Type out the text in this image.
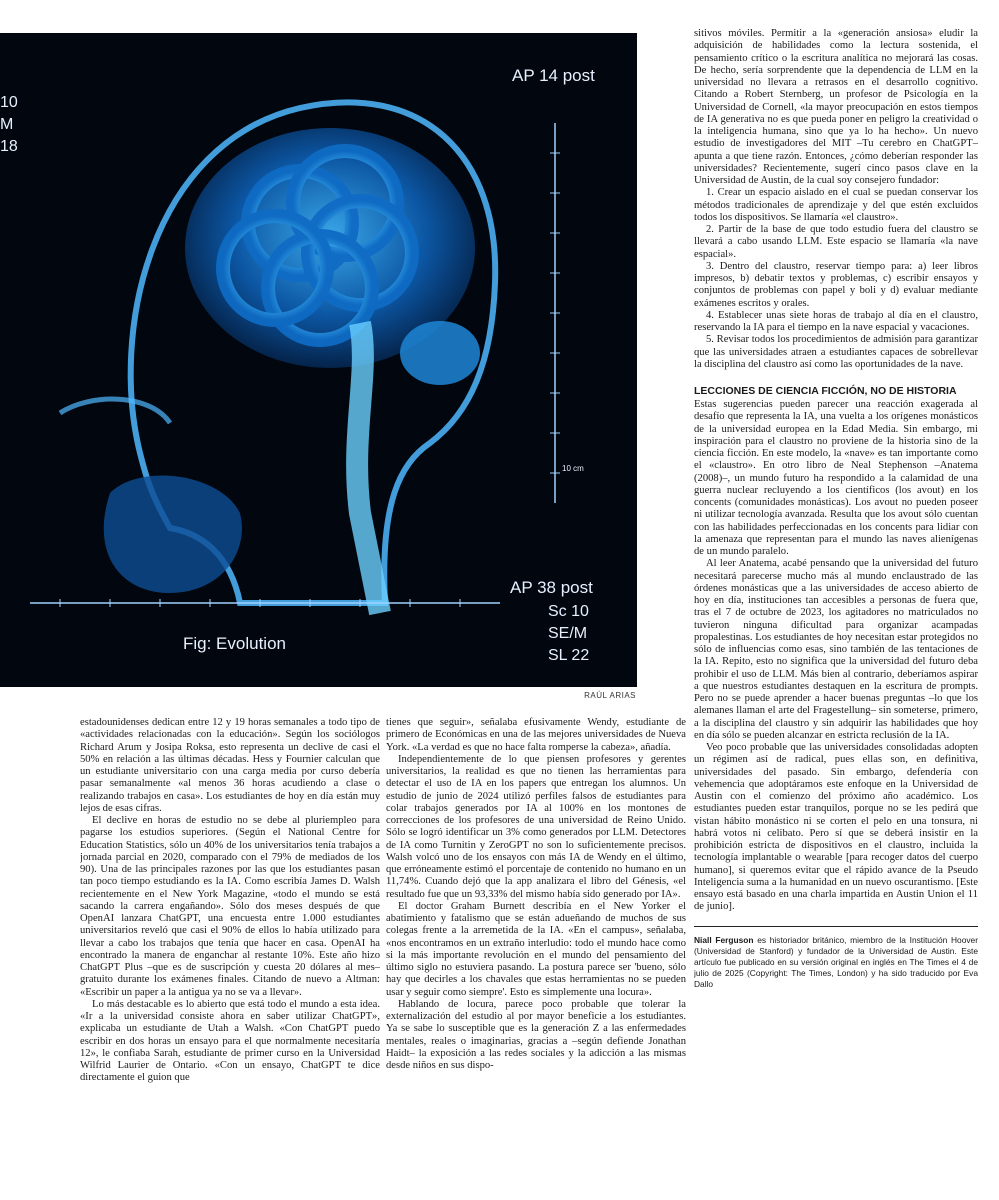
AP 14 post
10
M
18
10 cm
Fig: Evolution
AP 38 post
Sc 10
SE/M
SL 22
RAÚL ARIAS

estadounidenses dedican entre 12 y 19 horas semanales a todo tipo de «actividades relacionadas con la educación». Según los sociólogos Richard Arum y Josipa Roksa, esto representa un declive de casi el 50% en relación a las últimas décadas. Hess y Fournier calculan que un estudiante universitario con una carga media por curso debería pasar semanalmente «al menos 36 horas acudiendo a clase o realizando trabajos en casa». Los estudiantes de hoy en día están muy lejos de esas cifras.

El declive en horas de estudio no se debe al pluriempleo para pagarse los estudios superiores. (Según el National Centre for Education Statistics, sólo un 40% de los universitarios tenía trabajos a jornada parcial en 2020, comparado con el 79% de mediados de los 90). Una de las principales razones por las que los estudiantes pasan tan poco tiempo estudiando es la IA. Como escribía James D. Walsh recientemente en el New York Magazine, «todo el mundo se está sacando la carrera engañando». Sólo dos meses después de que OpenAI lanzara ChatGPT, una encuesta entre 1.000 estudiantes universitarios reveló que casi el 90% de ellos lo había utilizado para llevar a cabo los trabajos que tenía que hacer en casa. OpenAI ha encontrado la manera de enganchar al restante 10%. Este año hizo ChatGPT Plus –que es de suscripción y cuesta 20 dólares al mes– gratuito durante los exámenes finales. Citando de nuevo a Altman: «Escribir un paper a la antigua ya no se va a llevar».

Lo más destacable es lo abierto que está todo el mundo a esta idea. «Ir a la universidad consiste ahora en saber utilizar ChatGPT», explicaba un estudiante de Utah a Walsh. «Con ChatGPT puedo escribir en dos horas un ensayo para el que normalmente necesitaría 12», le confiaba Sarah, estudiante de primer curso en la Universidad Wilfrid Laurier de Ontario. «Con un ensayo, ChatGPT te dice directamente el guion que

tienes que seguir», señalaba efusivamente Wendy, estudiante de primero de Económicas en una de las mejores universidades de Nueva York. «La verdad es que no hace falta romperse la cabeza», añadía.

Independientemente de lo que piensen profesores y gerentes universitarios, la realidad es que no tienen las herramientas para detectar el uso de IA en los papers que entregan los alumnos. Un estudio de junio de 2024 utilizó perfiles falsos de estudiantes para colar trabajos generados por IA al 100% en los montones de correcciones de los profesores de una universidad de Reino Unido. Sólo se logró identificar un 3% como generados por LLM. Detectores de IA como Turnitin y ZeroGPT no son lo suficientemente precisos. Walsh volcó uno de los ensayos con más IA de Wendy en el último, que erróneamente estimó el porcentaje de contenido no humano en un 11,74%. Cuando dejó que la app analizara el libro del Génesis, «el resultado fue que un 93,33% del mismo había sido generado por IA».

El doctor Graham Burnett describía en el New Yorker el abatimiento y fatalismo que se están adueñando de muchos de sus colegas frente a la arremetida de la IA. «En el campus», señalaba, «nos encontramos en un extraño interludio: todo el mundo hace como si la más importante revolución en el mundo del pensamiento del último siglo no estuviera pasando. La postura parece ser 'bueno, sólo hay que decirles a los chavales que estas herramientas no se pueden usar y seguir como siempre'. Esto es simplemente una locura».

Hablando de locura, parece poco probable que tolerar la externalización del estudio al por mayor beneficie a los estudiantes. Ya se sabe lo susceptible que es la generación Z a las enfermedades mentales, reales o imaginarias, gracias a –según defiende Jonathan Haidt– la exposición a las redes sociales y la adicción a las mismas desde niños en sus dispo-

sitivos móviles. Permitir a la «generación ansiosa» eludir la adquisición de habilidades como la lectura sostenida, el pensamiento crítico o la escritura analítica no mejorará las cosas. De hecho, sería sorprendente que la dependencia de LLM en la universidad no llevara a retrasos en el desarrollo cognitivo. Citando a Robert Sternberg, un profesor de Psicología en la Universidad de Cornell, «la mayor preocupación en estos tiempos de IA generativa no es que pueda poner en peligro la creatividad o la inteligencia humana, sino que ya lo ha hecho». Un nuevo estudio de investigadores del MIT –Tu cerebro en ChatGPT– apunta a que tiene razón. Entonces, ¿cómo deberían responder las universidades? Recientemente, sugerí cinco pasos clave en la Universidad de Austin, de la cual soy consejero fundador:

1. Crear un espacio aislado en el cual se puedan conservar los métodos tradicionales de aprendizaje y del que estén excluidos todos los dispositivos. Se llamaría «el claustro».

2. Partir de la base de que todo estudio fuera del claustro se llevará a cabo usando LLM. Este espacio se llamaría «la nave espacial».

3. Dentro del claustro, reservar tiempo para: a) leer libros impresos, b) debatir textos y problemas, c) escribir ensayos y conjuntos de problemas con papel y boli y d) evaluar mediante exámenes escritos y orales.

4. Establecer unas siete horas de trabajo al día en el claustro, reservando la IA para el tiempo en la nave espacial y vacaciones.

5. Revisar todos los procedimientos de admisión para garantizar que las universidades atraen a estudiantes capaces de sobrellevar la disciplina del claustro así como las oportunidades de la nave.

LECCIONES DE CIENCIA FICCIÓN, NO DE HISTORIA

Estas sugerencias pueden parecer una reacción exagerada al desafío que representa la IA, una vuelta a los orígenes monásticos de la universidad europea en la Edad Media. Sin embargo, mi inspiración para el claustro no proviene de la historia sino de la ciencia ficción. En este modelo, la «nave» es tan importante como el «claustro». En otro libro de Neal Stephenson –Anatema (2008)–, un mundo futuro ha respondido a la calamidad de una guerra nuclear recluyendo a los científicos (los avout) en los concents (comunidades monásticas). Los avout no pueden poseer ni utilizar tecnología avanzada. Resulta que los avout sólo cuentan con las habilidades perfeccionadas en los concents para lidiar con la amenaza que representan para el mundo las naves alienígenas de un mundo paralelo.

Al leer Anatema, acabé pensando que la universidad del futuro necesitará parecerse mucho más al mundo enclaustrado de las órdenes monásticas que a las universidades de acceso abierto de hoy en día, instituciones tan accesibles a personas de fuera que, tras el 7 de octubre de 2023, los agitadores no matriculados no tuvieron ninguna dificultad para organizar acampadas propalestinas. Los estudiantes de hoy necesitan estar protegidos no sólo de influencias como esas, sino también de las tentaciones de la IA. Repito, esto no significa que la universidad del futuro deba prohibir el uso de LLM. Más bien al contrario, deberíamos aspirar a que nuestros estudiantes destaquen en la escritura de prompts. Pero no se puede aprender a hacer buenas preguntas –lo que los alemanes llaman el arte del Fragestellung– sin someterse, primero, a la disciplina del claustro y sin adquirir las habilidades que hoy en día sólo se pueden alcanzar en estricta reclusión de la IA.

Veo poco probable que las universidades consolidadas adopten un régimen así de radical, pues ellas son, en definitiva, universidades del pasado. Sin embargo, defendería con vehemencia que adoptáramos este enfoque en la Universidad de Austin con el comienzo del próximo año académico. Los estudiantes pueden estar tranquilos, porque no se les pedirá que vistan hábito monástico ni se corten el pelo en una tonsura, ni habrá votos ni celibato. Pero sí que se deberá insistir en la prohibición estricta de dispositivos en el claustro, incluida la tecnología implantable o wearable [para recoger datos del cuerpo humano], si queremos evitar que el rápido avance de la Pseudo Inteligencia suma a la humanidad en un nuevo oscurantismo. [Este ensayo está basado en una charla impartida en Austin Union el 11 de junio].

Niall Ferguson es historiador británico, miembro de la Institución Hoover (Universidad de Stanford) y fundador de la Universidad de Austin. Este artículo fue publicado en su versión original en inglés en The Times el 4 de julio de 2025 (Copyright: The Times, London) y ha sido traducido por Eva Dallo
